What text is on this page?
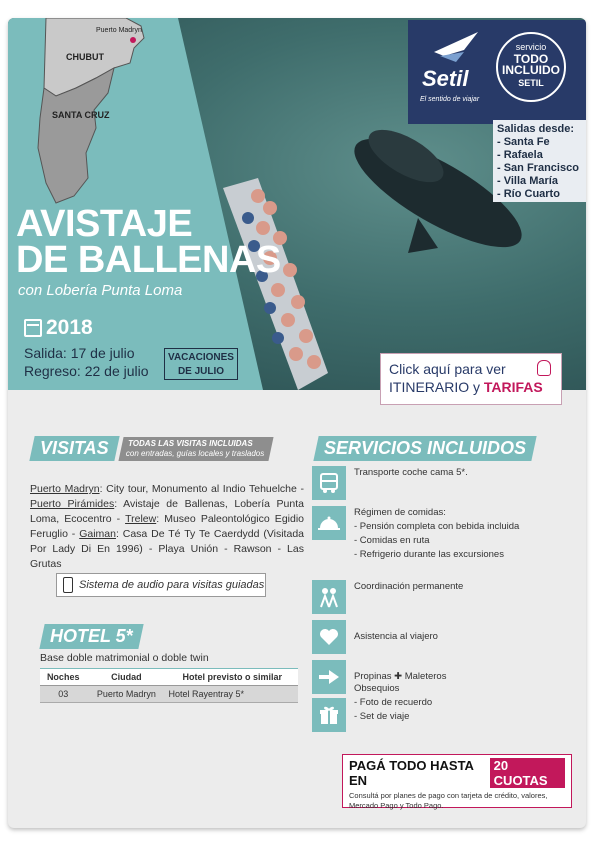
Puerto Madryn
CHUBUT
SANTA CRUZ
AVISTAJE
DE BALLENAS
con Lobería Punta Loma
2018
Salida: 17 de julio
Regreso: 22 de julio
VACACIONES
DE JULIO
Setil
El sentido de viajar
servicio
TODO INCLUIDO
SETIL
Salidas desde:
- Santa Fe
- Rafaela
- San Francisco
- Villa María
- Río Cuarto
Click aquí para ver
ITINERARIO y TARIFAS
VISITAS	TODAS LAS VISITAS INCLUIDAS
con entradas, guías locales y traslados
Puerto Madryn: City tour, Monumento al Indio Tehuelche - Puerto Pirámides: Avistaje de Ballenas, Lobería Punta Loma, Ecocentro - Trelew: Museo Paleontológico Egidio Feruglio - Gaiman: Casa De Té Ty Te Caerdydd (Visitada Por Lady Di En 1996) - Playa Unión - Rawson - Las Grutas
Sistema de audio para visitas guiadas
HOTEL 5*
Base doble matrimonial o doble twin
Noches	Ciudad	Hotel previsto o similar
03	Puerto Madryn	Hotel Rayentray 5*
SERVICIOS INCLUIDOS
Transporte coche cama 5*.
Régimen de comidas:
- Pensión completa con bebida incluida
- Comidas en ruta
- Refrigerio durante las excursiones
Coordinación permanente
Asistencia al viajero
Propinas ✚ Maleteros
Obsequios
- Foto de recuerdo
- Set de viaje
PAGÁ TODO HASTA EN
20 CUOTAS
Consultá por planes de pago con tarjeta de crédito, valores, Mercado Pago y Todo Pago.
